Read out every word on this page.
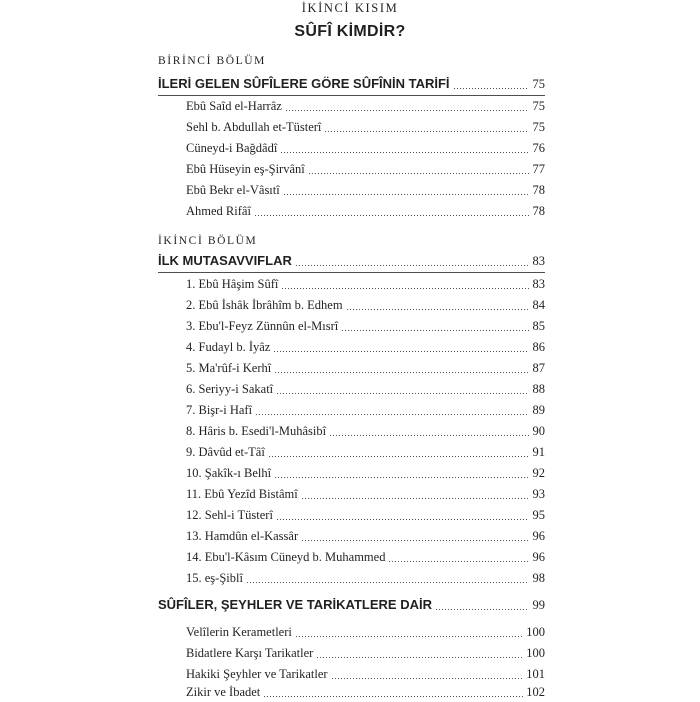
İKİNCİ KISIM
SÛFÎ KİMDİR?
BİRİNCİ BÖLÜM
İLERİ GELEN SÛFÎLERE GÖRE SÛFÎNİN TARİFİ	75
Ebû Saîd el-Harrâz	75
Sehl b. Abdullah et-Tüsterî	75
Cüneyd-i Bağdâdî	76
Ebû Hüseyin eş-Şirvânî	77
Ebû Bekr el-Vâsıtî	78
Ahmed Rifâî	78
İKİNCİ BÖLÜM
İLK MUTASAVVIFLAR	83
1. Ebû Hâşim Sûfî	83
2. Ebû İshâk İbrâhîm b. Edhem	84
3. Ebu'l-Feyz Zünnûn el-Mısrî	85
4. Fudayl b. İyâz	86
5. Ma'rûf-i Kerhî	87
6. Seriyy-i Sakatî	88
7. Bişr-i Hafî	89
8. Hâris b. Esedi'l-Muhâsibî	90
9. Dâvûd et-Tâî	91
10. Şakîk-ı Belhî	92
11. Ebû Yezîd Bistâmî	93
12. Sehl-i Tüsterî	95
13. Hamdûn el-Kassâr	96
14. Ebu'l-Kâsım Cüneyd b. Muhammed	96
15. eş-Şiblî	98
SÛFÎLER, ŞEYHLER VE TARİKATLERE DAİR	99
Velîlerin Kerametleri	100
Bidatlere Karşı Tarikatler	100
Hakiki Şeyhler ve Tarikatler	101
Zikir ve İbadet	102
